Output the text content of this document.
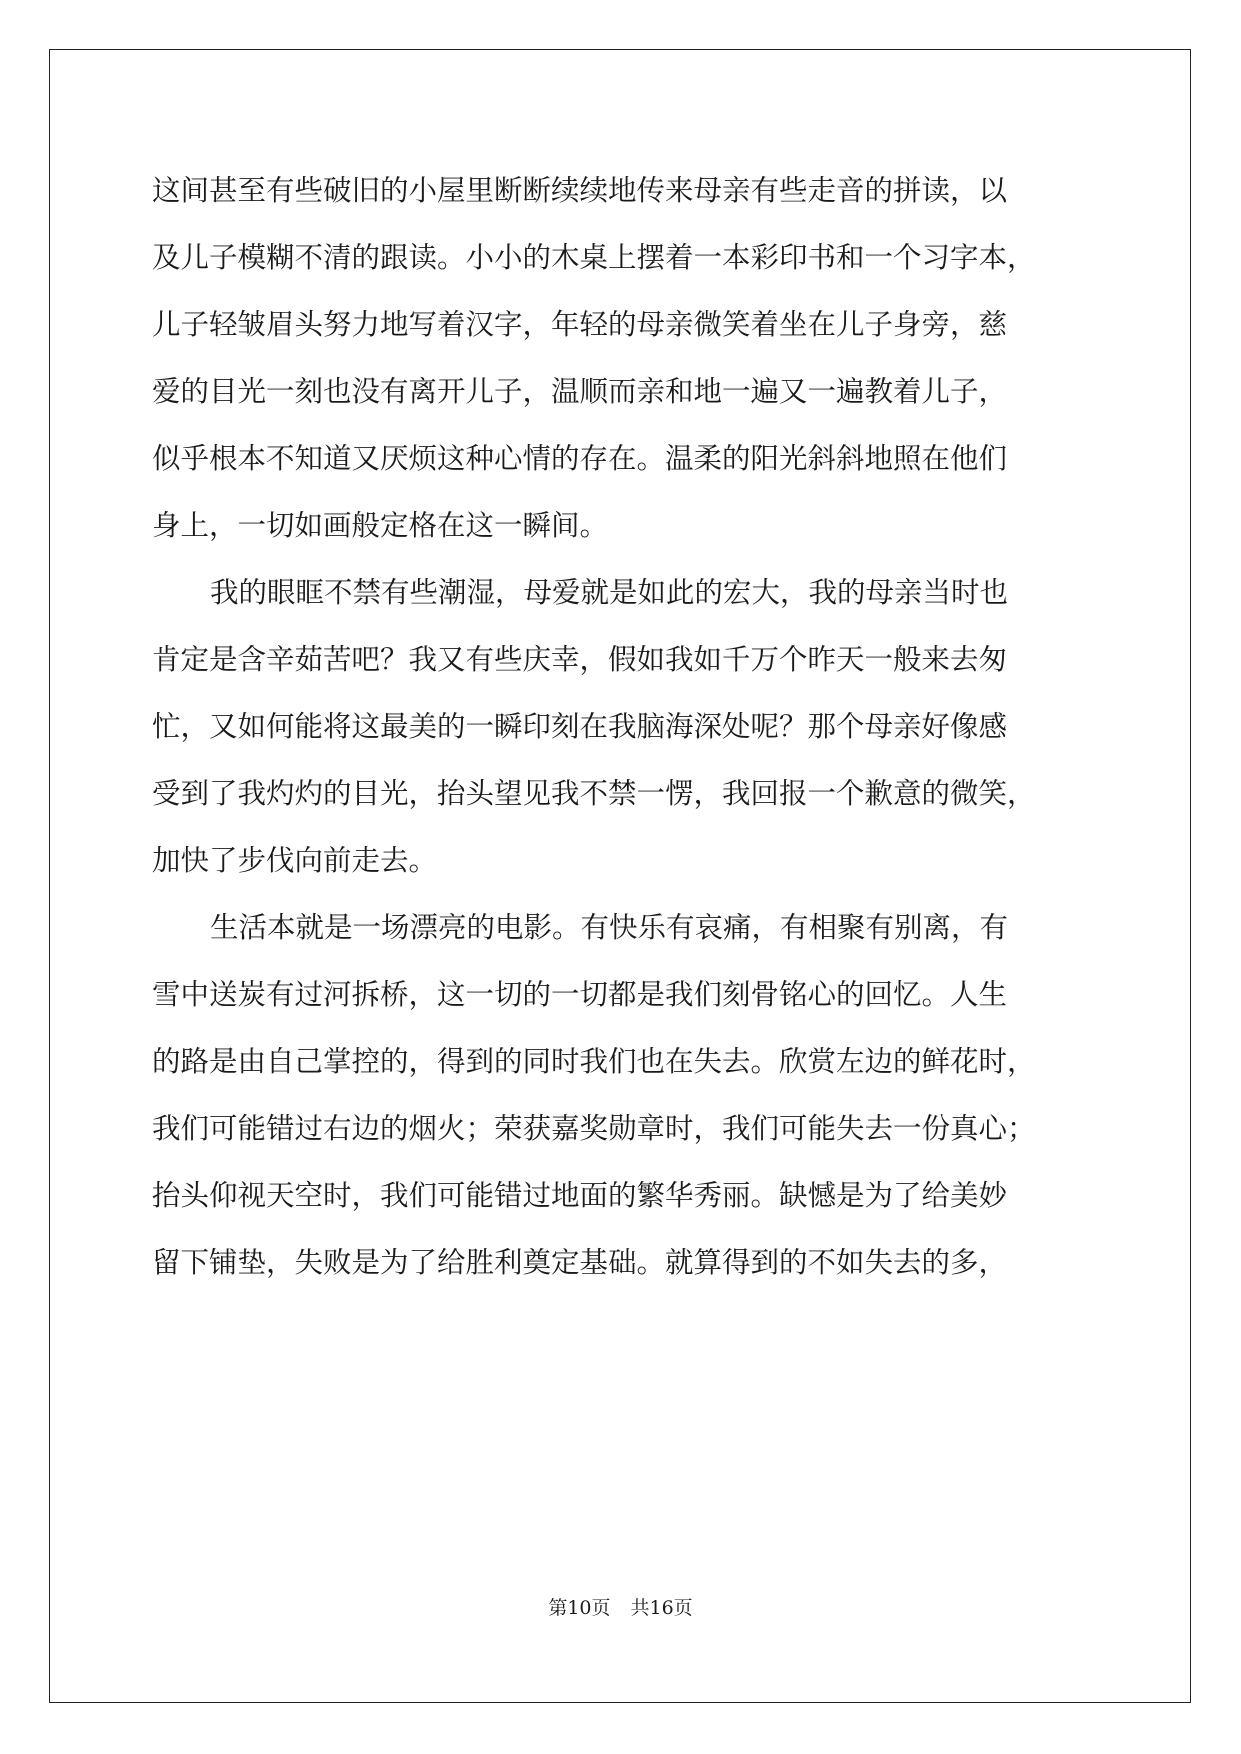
这间甚至有些破旧的小屋里断断续续地传来母亲有些走音的拼读，以
及儿子模糊不清的跟读。小小的木桌上摆着一本彩印书和一个习字本，
儿子轻皱眉头努力地写着汉字，年轻的母亲微笑着坐在儿子身旁，慈
爱的目光一刻也没有离开儿子，温顺而亲和地一遍又一遍教着儿子，
似乎根本不知道又厌烦这种心情的存在。温柔的阳光斜斜地照在他们
身上，一切如画般定格在这一瞬间。
我的眼眶不禁有些潮湿，母爱就是如此的宏大，我的母亲当时也
肯定是含辛茹苦吧？我又有些庆幸，假如我如千万个昨天一般来去匆
忙，又如何能将这最美的一瞬印刻在我脑海深处呢？那个母亲好像感
受到了我灼灼的目光，抬头望见我不禁一愣，我回报一个歉意的微笑，
加快了步伐向前走去。
生活本就是一场漂亮的电影。有快乐有哀痛，有相聚有别离，有
雪中送炭有过河拆桥，这一切的一切都是我们刻骨铭心的回忆。人生
的路是由自己掌控的，得到的同时我们也在失去。欣赏左边的鲜花时，
我们可能错过右边的烟火；荣获嘉奖勋章时，我们可能失去一份真心；
抬头仰视天空时，我们可能错过地面的繁华秀丽。缺憾是为了给美妙
留下铺垫，失败是为了给胜利奠定基础。就算得到的不如失去的多，
第10页 共16页
